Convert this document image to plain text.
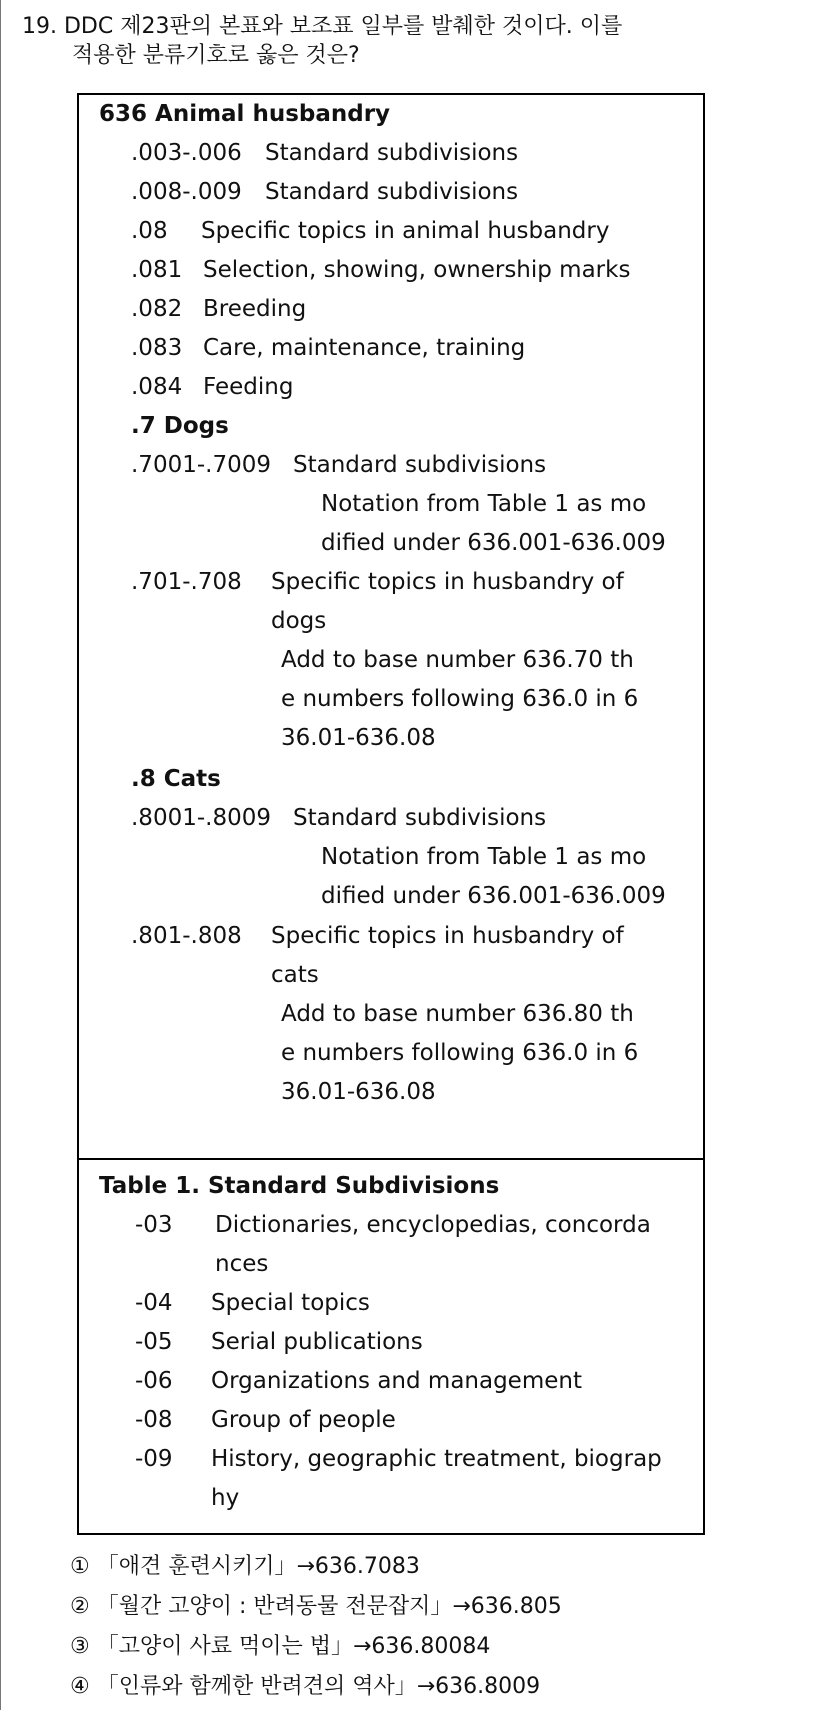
19. DDC 제23판의 본표와 보조표 일부를 발췌한 것이다. 이를
적용한 분류기호로 옳은 것은?
636 Animal husbandry
.003-.006 Standard subdivisions
.008-.009 Standard subdivisions
.08 Specific topics in animal husbandry
.081 Selection, showing, ownership marks
.082 Breeding
.083 Care, maintenance, training
.084 Feeding
.7 Dogs
.7001-.7009 Standard subdivisions
Notation from Table 1 as mo
dified under 636.001-636.009
.701-.708 Specific topics in husbandry of
dogs
Add to base number 636.70 th
e numbers following 636.0 in 6
36.01-636.08
.8 Cats
.8001-.8009 Standard subdivisions
Notation from Table 1 as mo
dified under 636.001-636.009
.801-.808 Specific topics in husbandry of
cats
Add to base number 636.80 th
e numbers following 636.0 in 6
36.01-636.08
Table 1. Standard Subdivisions
-03 Dictionaries, encyclopedias, concorda
nces
-04 Special topics
-05 Serial publications
-06 Organizations and management
-08 Group of people
-09 History, geographic treatment, biograp
hy
① 「애견 훈련시키기」→636.7083
② 「월간 고양이 : 반려동물 전문잡지」→636.805
③ 「고양이 사료 먹이는 법」→636.80084
④ 「인류와 함께한 반려견의 역사」→636.8009
